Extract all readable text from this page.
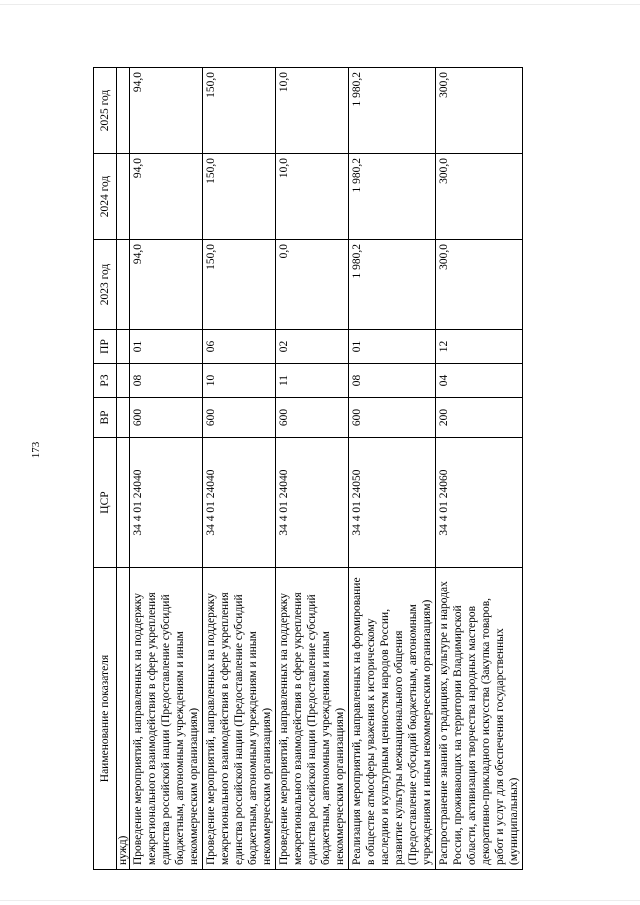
173
Наименование показателя	ЦСР	ВР	РЗ	ПР	2023 год	2024 год	2025 год
нужд)							
Проведение мероприятий, направленных на поддержку межрегионального взаимодействия в сфере укрепления единства российской нации (Предоставление субсидий бюджетным, автономным учреждениям и иным некоммерческим организациям)	34 4 01 24040	600	08	01	94,0	94,0	94,0
Проведение мероприятий, направленных на поддержку межрегионального взаимодействия в сфере укрепления единства российской нации (Предоставление субсидий бюджетным, автономным учреждениям и иным некоммерческим организациям)	34 4 01 24040	600	10	06	150,0	150,0	150,0
Проведение мероприятий, направленных на поддержку межрегионального взаимодействия в сфере укрепления единства российской нации (Предоставление субсидий бюджетным, автономным учреждениям и иным некоммерческим организациям)	34 4 01 24040	600	11	02	0,0	10,0	10,0
Реализация мероприятий, направленных на формирование в обществе атмосферы уважения к историческому наследию и культурным ценностям народов России, развитие культуры межнационального общения (Предоставление субсидий бюджетным, автономным учреждениям и иным некоммерческим организациям)	34 4 01 24050	600	08	01	1 980,2	1 980,2	1 980,2
Распространение знаний о традициях, культуре и народах России, проживающих на территории Владимирской области, активизация творчества народных мастеров декоративно-прикладного искусства (Закупка товаров, работ и услуг для обеспечения государственных (муниципальных)	34 4 01 24060	200	04	12	300,0	300,0	300,0
